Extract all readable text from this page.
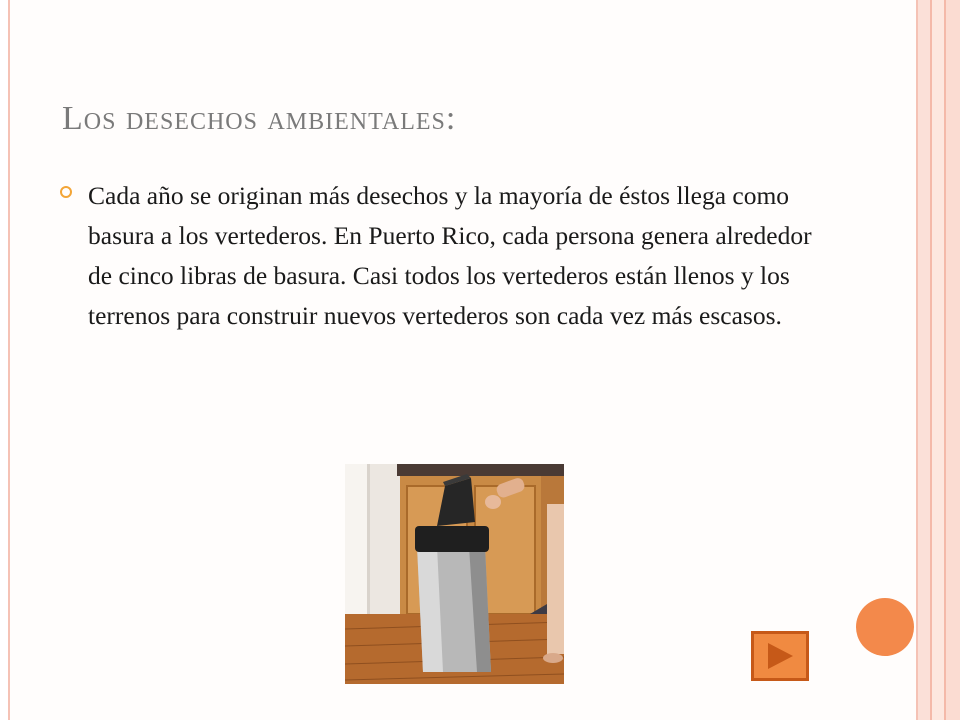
Los desechos ambientales:
Cada año se originan más desechos y la mayoría de éstos llega como basura a los vertederos. En Puerto Rico, cada persona genera alrededor de cinco libras de basura. Casi todos los vertederos están llenos y los terrenos para construir nuevos vertederos son cada vez más escasos.
